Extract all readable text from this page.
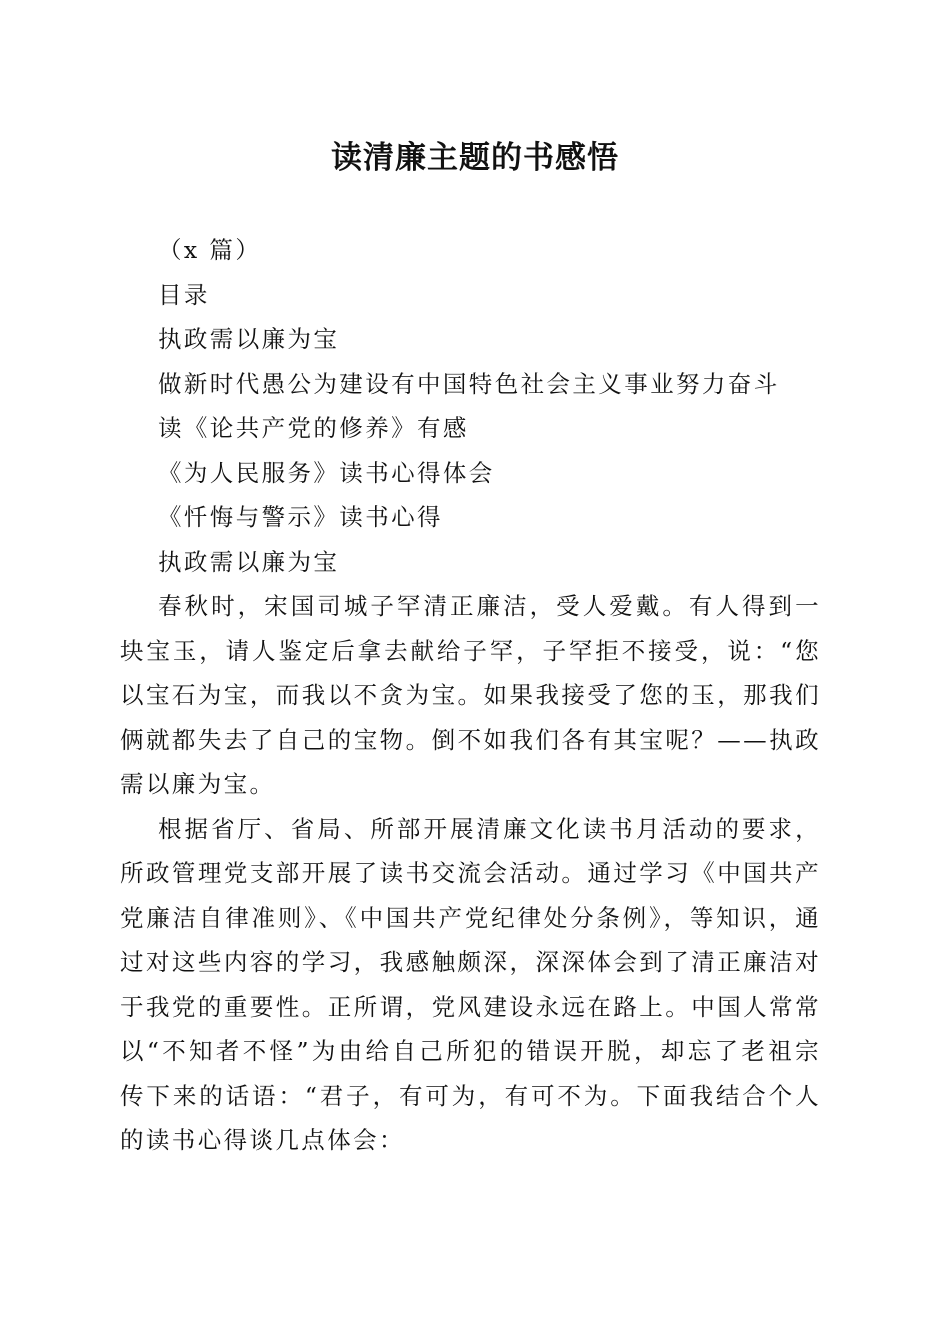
读清廉主题的书感悟

（x 篇）

目录

执政需以廉为宝

做新时代愚公为建设有中国特色社会主义事业努力奋斗

读《论共产党的修养》有感

《为人民服务》读书心得体会

《忏悔与警示》读书心得

执政需以廉为宝

春秋时，宋国司城子罕清正廉洁，受人爱戴。有人得到一块宝玉，请人鉴定后拿去献给子罕，子罕拒不接受，说：“您以宝石为宝，而我以不贪为宝。如果我接受了您的玉，那我们俩就都失去了自己的宝物。倒不如我们各有其宝呢？——执政需以廉为宝。

根据省厅、省局、所部开展清廉文化读书月活动的要求，所政管理党支部开展了读书交流会活动。通过学习《中国共产党廉洁自律准则》、《中国共产党纪律处分条例》，等知识，通过对这些内容的学习，我感触颇深，深深体会到了清正廉洁对于我党的重要性。正所谓，党风建设永远在路上。中国人常常以“不知者不怪”为由给自己所犯的错误开脱，却忘了老祖宗传下来的话语：“君子，有可为，有可不为。下面我结合个人的读书心得谈几点体会：
